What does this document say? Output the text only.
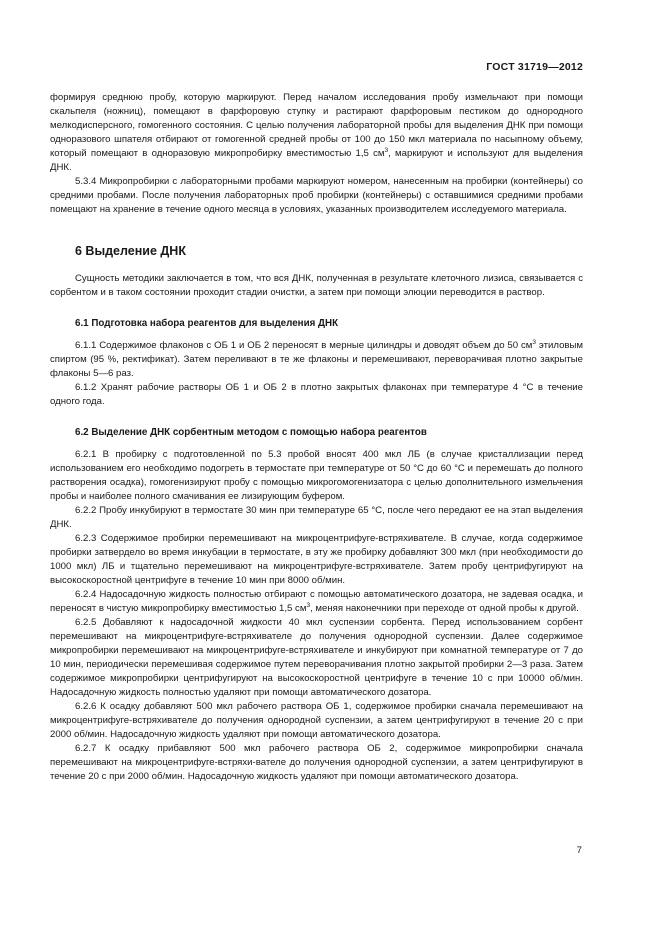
ГОСТ 31719—2012

формируя среднюю пробу, которую маркируют. Перед началом исследования пробу измельчают при помощи скальпеля (ножниц), помещают в фарфоровую ступку и растирают фарфоровым пестиком до однородного мелкодисперсного, гомогенного состояния. С целью получения лабораторной пробы для выделения ДНК при помощи одноразового шпателя отбирают от гомогенной средней пробы от 100 до 150 мкл материала по насыпному объему, который помещают в одноразовую микропробирку вместимостью 1,5 $см^3$, маркируют и используют для выделения ДНК.

5.3.4 Микропробирки с лабораторными пробами маркируют номером, нанесенным на пробирки (контейнеры) со средними пробами. После получения лабораторных проб пробирки (контейнеры) с оставшимися средними пробами помещают на хранение в течение одного месяца в условиях, указанных производителем исследуемого материала.

6 Выделение ДНК

Сущность методики заключается в том, что вся ДНК, полученная в результате клеточного лизиса, связывается с сорбентом и в таком состоянии проходит стадии очистки, а затем при помощи элюции переводится в раствор.

6.1 Подготовка набора реагентов для выделения ДНК

6.1.1 Содержимое флаконов с ОБ 1 и ОБ 2 переносят в мерные цилиндры и доводят объем до 50 $см^3$ этиловым спиртом (95 %, ректификат). Затем переливают в те же флаконы и перемешивают, переворачивая плотно закрытые флаконы 5—6 раз.

6.1.2 Хранят рабочие растворы ОБ 1 и ОБ 2 в плотно закрытых флаконах при температуре 4 °С в течение одного года.

6.2 Выделение ДНК сорбентным методом с помощью набора реагентов

6.2.1 В пробирку с подготовленной по 5.3 пробой вносят 400 мкл ЛБ (в случае кристаллизации перед использованием его необходимо подогреть в термостате при температуре от 50 °С до 60 °С и перемешать до полного растворения осадка), гомогенизируют пробу с помощью микрогомогенизатора с целью дополнительного измельчения пробы и наиболее полного смачивания ее лизирующим буфером.

6.2.2 Пробу инкубируют в термостате 30 мин при температуре 65 °С, после чего передают ее на этап выделения ДНК.

6.2.3 Содержимое пробирки перемешивают на микроцентрифуге-встряхивателе. В случае, когда содержимое пробирки затвердело во время инкубации в термостате, в эту же пробирку добавляют 300 мкл (при необходимости до 1000 мкл) ЛБ и тщательно перемешивают на микроцентрифуге-встряхивателе. Затем пробу центрифугируют на высокоскоростной центрифуге в течение 10 мин при 8000 об/мин.

6.2.4 Надосадочную жидкость полностью отбирают с помощью автоматического дозатора, не задевая осадка, и переносят в чистую микропробирку вместимостью 1,5 $см^3$, меняя наконечники при переходе от одной пробы к другой.

6.2.5 Добавляют к надосадочной жидкости 40 мкл суспензии сорбента. Перед использованием сорбент перемешивают на микроцентрифуге-встряхивателе до получения однородной суспензии. Далее содержимое микропробирки перемешивают на микроцентрифуге-встряхивателе и инкубируют при комнатной температуре от 7 до 10 мин, периодически перемешивая содержимое путем переворачивания плотно закрытой пробирки 2—3 раза. Затем содержимое микропробирки центрифугируют на высокоскоростной центрифуге в течение 10 с при 10000 об/мин. Надосадочную жидкость полностью удаляют при помощи автоматического дозатора.

6.2.6 К осадку добавляют 500 мкл рабочего раствора ОБ 1, содержимое пробирки сначала перемешивают на микроцентрифуге-встряхивателе до получения однородной суспензии, а затем центрифугируют в течение 20 с при 2000 об/мин. Надосадочную жидкость удаляют при помощи автоматического дозатора.

6.2.7 К осадку прибавляют 500 мкл рабочего раствора ОБ 2, содержимое микропробирки сначала перемешивают на микроцентрифуге-встряхи-вателе до получения однородной суспензии, а затем центрифугируют в течение 20 с при 2000 об/мин. Надосадочную жидкость удаляют при помощи автоматического дозатора.

7
